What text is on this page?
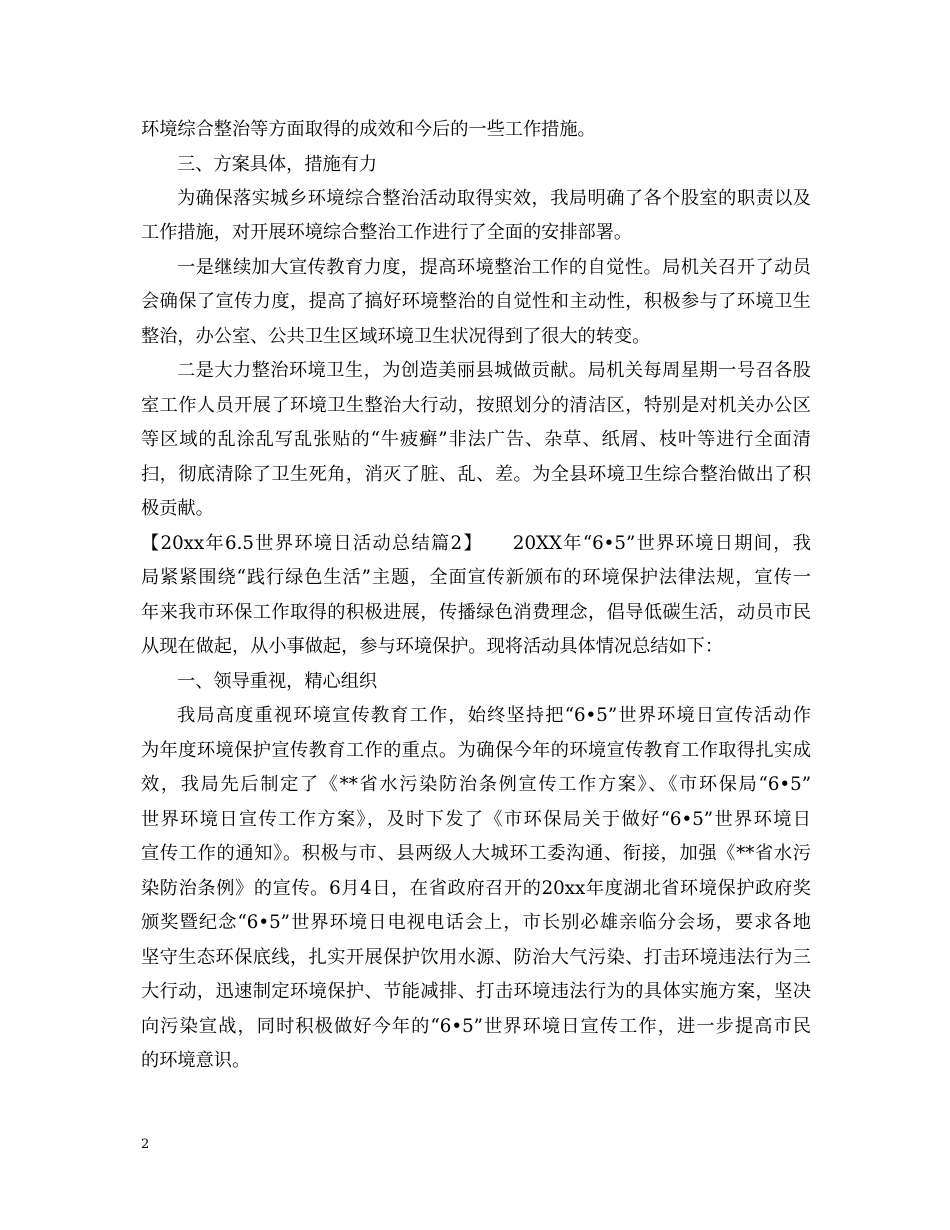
环境综合整治等方面取得的成效和今后的一些工作措施。
三、方案具体，措施有力
为确保落实城乡环境综合整治活动取得实效，我局明确了各个股室的职责以及
工作措施，对开展环境综合整治工作进行了全面的安排部署。
一是继续加大宣传教育力度，提高环境整治工作的自觉性。局机关召开了动员
会确保了宣传力度，提高了搞好环境整治的自觉性和主动性，积极参与了环境卫生
整治，办公室、公共卫生区域环境卫生状况得到了很大的转变。
二是大力整治环境卫生，为创造美丽县城做贡献。局机关每周星期一号召各股
室工作人员开展了环境卫生整治大行动，按照划分的清洁区，特别是对机关办公区
等区域的乱涂乱写乱张贴的“牛疲癣”非法广告、杂草、纸屑、枝叶等进行全面清
扫，彻底清除了卫生死角，消灭了脏、乱、差。为全县环境卫生综合整治做出了积
极贡献。
【20xx年6.5世界环境日活动总结篇2】　　20XX年“6•5”世界环境日期间，我
局紧紧围绕“践行绿色生活”主题，全面宣传新颁布的环境保护法律法规，宣传一
年来我市环保工作取得的积极进展，传播绿色消费理念，倡导低碳生活，动员市民
从现在做起，从小事做起，参与环境保护。现将活动具体情况总结如下：
一、领导重视，精心组织
我局高度重视环境宣传教育工作，始终坚持把“6•5”世界环境日宣传活动作
为年度环境保护宣传教育工作的重点。为确保今年的环境宣传教育工作取得扎实成
效，我局先后制定了《**省水污染防治条例宣传工作方案》、《市环保局“6•5”
世界环境日宣传工作方案》，及时下发了《市环保局关于做好“6•5”世界环境日
宣传工作的通知》。积极与市、县两级人大城环工委沟通、衔接，加强《**省水污
染防治条例》的宣传。6月4日，在省政府召开的20xx年度湖北省环境保护政府奖
颁奖暨纪念“6•5”世界环境日电视电话会上，市长别必雄亲临分会场，要求各地
坚守生态环保底线，扎实开展保护饮用水源、防治大气污染、打击环境违法行为三
大行动，迅速制定环境保护、节能减排、打击环境违法行为的具体实施方案，坚决
向污染宣战，同时积极做好今年的“6•5”世界环境日宣传工作，进一步提高市民
的环境意识。
2
